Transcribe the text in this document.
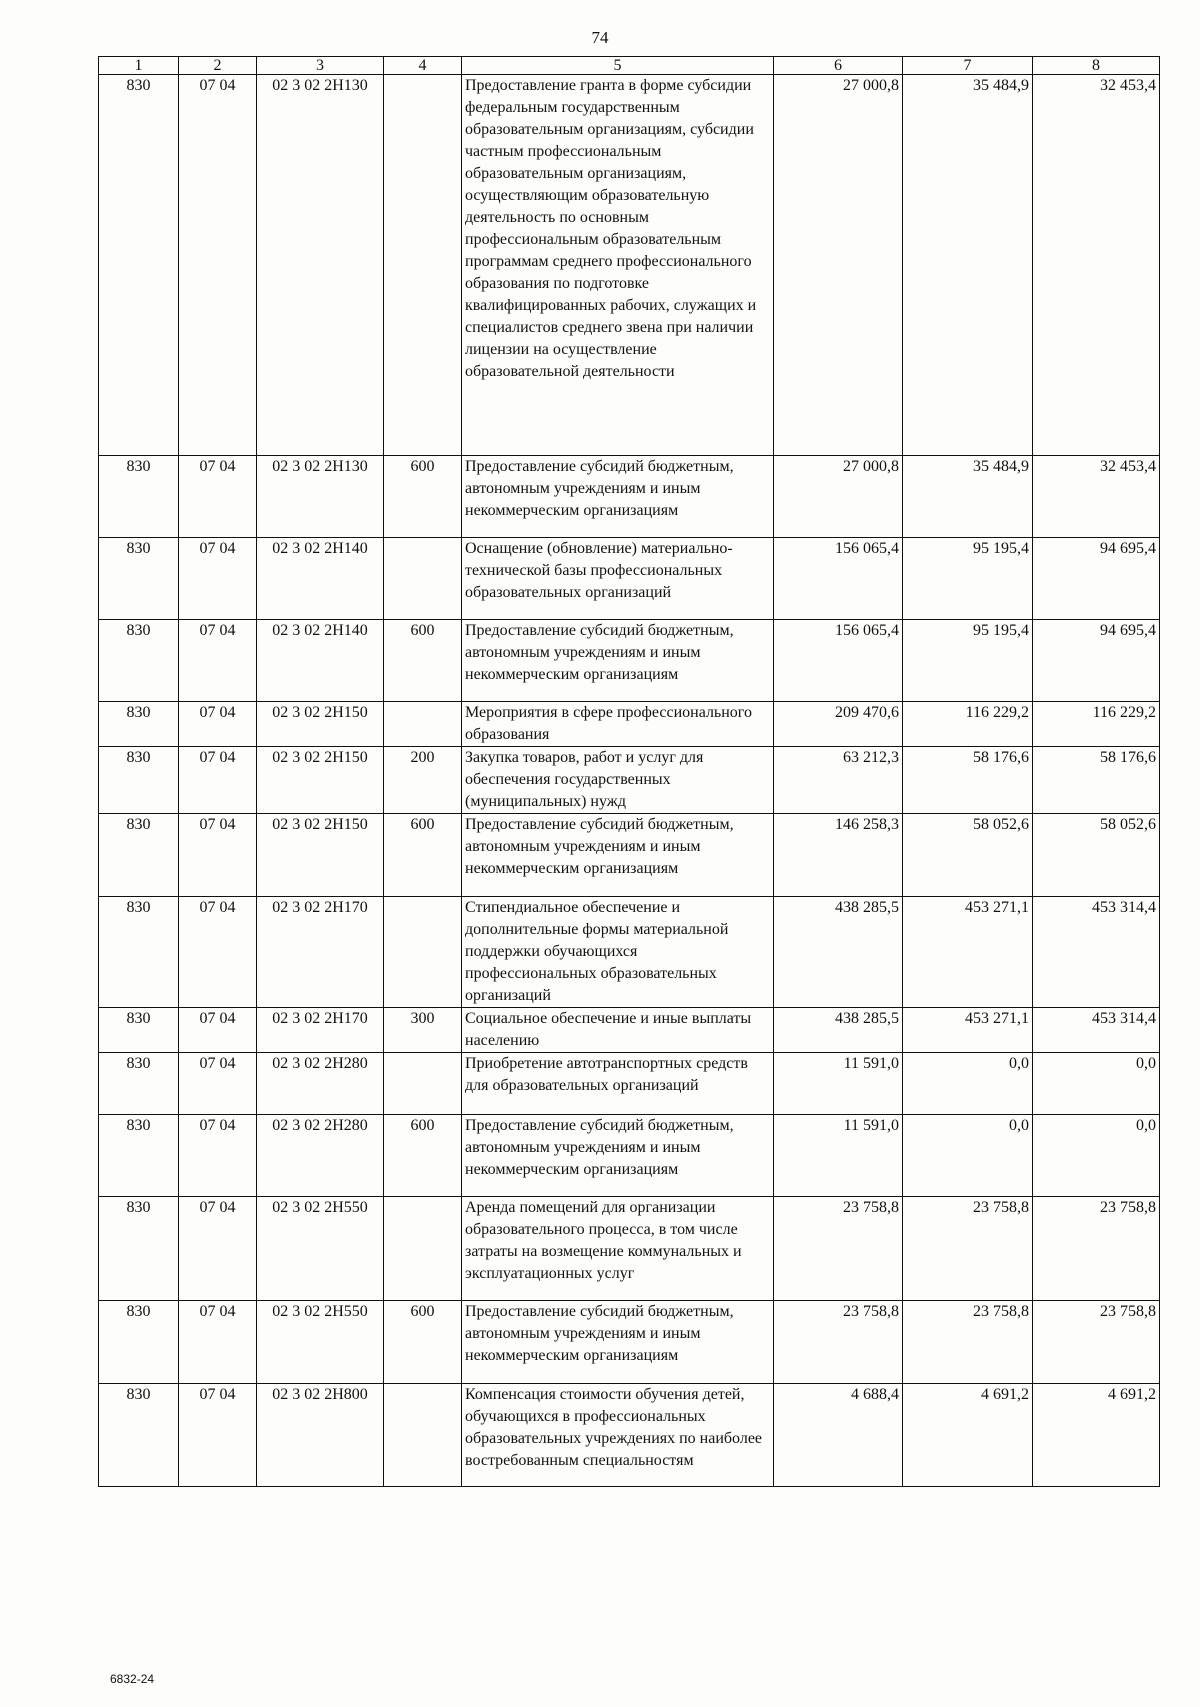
74
1	2	3	4	5	6	7	8
830	07 04	02 3 02 2Н130		Предоставление гранта в форме субсидии федеральным государственным образовательным организациям, субсидии частным профессиональным образовательным организациям, осуществляющим образовательную деятельность по основным профессиональным образовательным программам среднего профессионального образования по подготовке квалифицированных рабочих, служащих и специалистов среднего звена при наличии лицензии на осуществление образовательной деятельности	27 000,8	35 484,9	32 453,4
830	07 04	02 3 02 2Н130	600	Предоставление субсидий бюджетным, автономным учреждениям и иным некоммерческим организациям	27 000,8	35 484,9	32 453,4
830	07 04	02 3 02 2Н140		Оснащение (обновление) материально-технической базы профессиональных образовательных организаций	156 065,4	95 195,4	94 695,4
830	07 04	02 3 02 2Н140	600	Предоставление субсидий бюджетным, автономным учреждениям и иным некоммерческим организациям	156 065,4	95 195,4	94 695,4
830	07 04	02 3 02 2Н150		Мероприятия в сфере профессионального образования	209 470,6	116 229,2	116 229,2
830	07 04	02 3 02 2Н150	200	Закупка товаров, работ и услуг для обеспечения государственных (муниципальных) нужд	63 212,3	58 176,6	58 176,6
830	07 04	02 3 02 2Н150	600	Предоставление субсидий бюджетным, автономным учреждениям и иным некоммерческим организациям	146 258,3	58 052,6	58 052,6
830	07 04	02 3 02 2Н170		Стипендиальное обеспечение и дополнительные формы материальной поддержки обучающихся профессиональных образовательных организаций	438 285,5	453 271,1	453 314,4
830	07 04	02 3 02 2Н170	300	Социальное обеспечение и иные выплаты населению	438 285,5	453 271,1	453 314,4
830	07 04	02 3 02 2Н280		Приобретение автотранспортных средств для образовательных организаций	11 591,0	0,0	0,0
830	07 04	02 3 02 2Н280	600	Предоставление субсидий бюджетным, автономным учреждениям и иным некоммерческим организациям	11 591,0	0,0	0,0
830	07 04	02 3 02 2Н550		Аренда помещений для организации образовательного процесса, в том числе затраты на возмещение коммунальных и эксплуатационных услуг	23 758,8	23 758,8	23 758,8
830	07 04	02 3 02 2Н550	600	Предоставление субсидий бюджетным, автономным учреждениям и иным некоммерческим организациям	23 758,8	23 758,8	23 758,8
830	07 04	02 3 02 2Н800		Компенсация стоимости обучения детей, обучающихся в профессиональных образовательных учреждениях по наиболее востребованным специальностям	4 688,4	4 691,2	4 691,2
6832-24
